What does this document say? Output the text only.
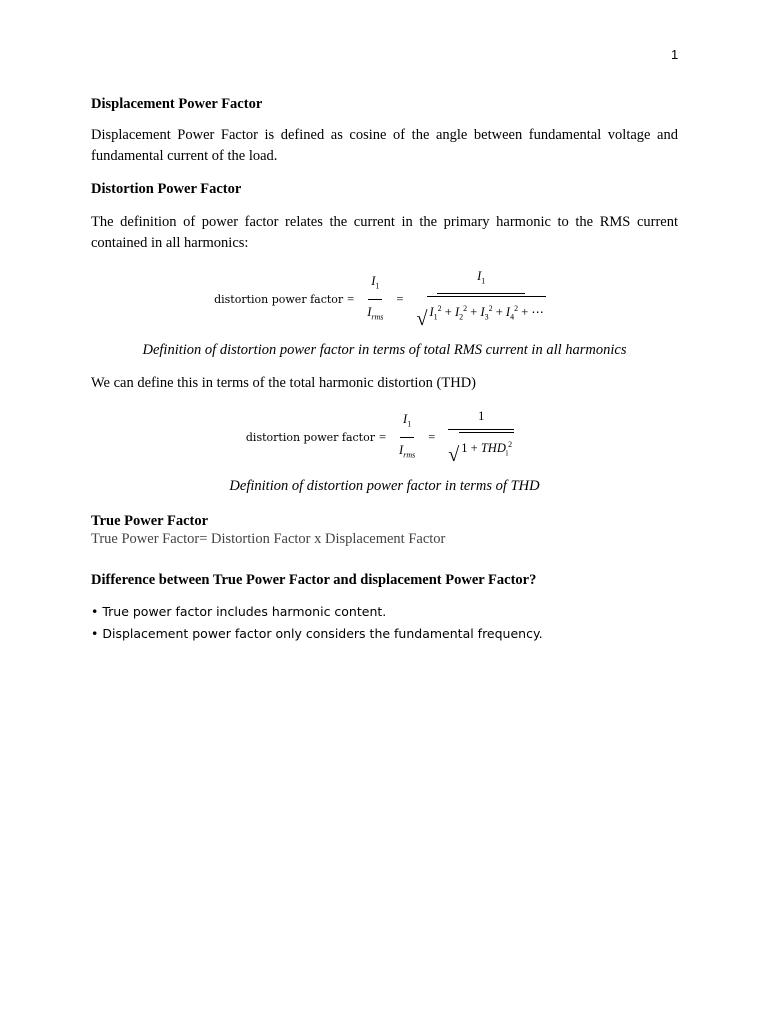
1

Displacement Power Factor

Displacement Power Factor is defined as cosine of the angle between fundamental voltage and fundamental current of the load.

Distortion Power Factor

The definition of power factor relates the current in the primary harmonic to the RMS current contained in all harmonics:

distortion power factor = $\frac{I_1}{I_{rms}} = \frac{I_1}{√ I_1^2 + I_2^2 + I_3^2 + I_4^2 + \cdots}$

Definition of distortion power factor in terms of total RMS current in all harmonics

We can define this in terms of the total harmonic distortion (THD)

distortion power factor = $\frac{I_1}{I_{rms}} = \frac{1}{√ 1 + THD_i^2}$

Definition of distortion power factor in terms of THD

True Power Factor

True Power Factor= Distortion Factor x Displacement Factor

Difference between True Power Factor and displacement Power Factor?

• True power factor includes harmonic content.
• Displacement power factor only considers the fundamental frequency.
